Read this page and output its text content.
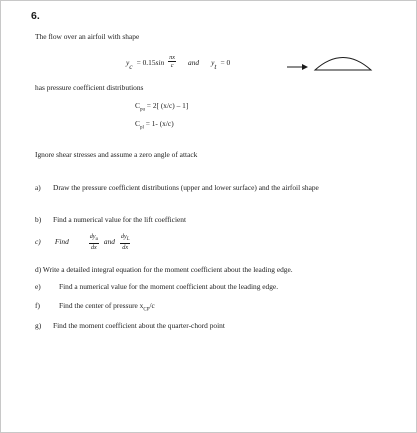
6.
The flow over an airfoil with shape
$y_c = 0.15\sin \frac{\pi x}{c}$ and $y_t = 0$
has pressure coefficient distributions
$C_{pu} = 2$[ (x/c) – 1]
$C_{pl} = 1-$ (x/c)
Ignore shear stresses and assume a zero angle of attack
a) Draw the pressure coefficient distributions (upper and lower surface) and the airfoil shape
b) Find a numerical value for the lift coefficient
c) Find	$\frac{dy_u}{dx}$ and $\frac{dy_L}{dx}$
d) Write a detailed integral equation for the moment coefficient about the leading edge.
e) Find a numerical value for the moment coefficient about the leading edge.
f)	Find the center of pressure $x_{CP}/c$
g) Find the moment coefficient about the quarter-chord point
